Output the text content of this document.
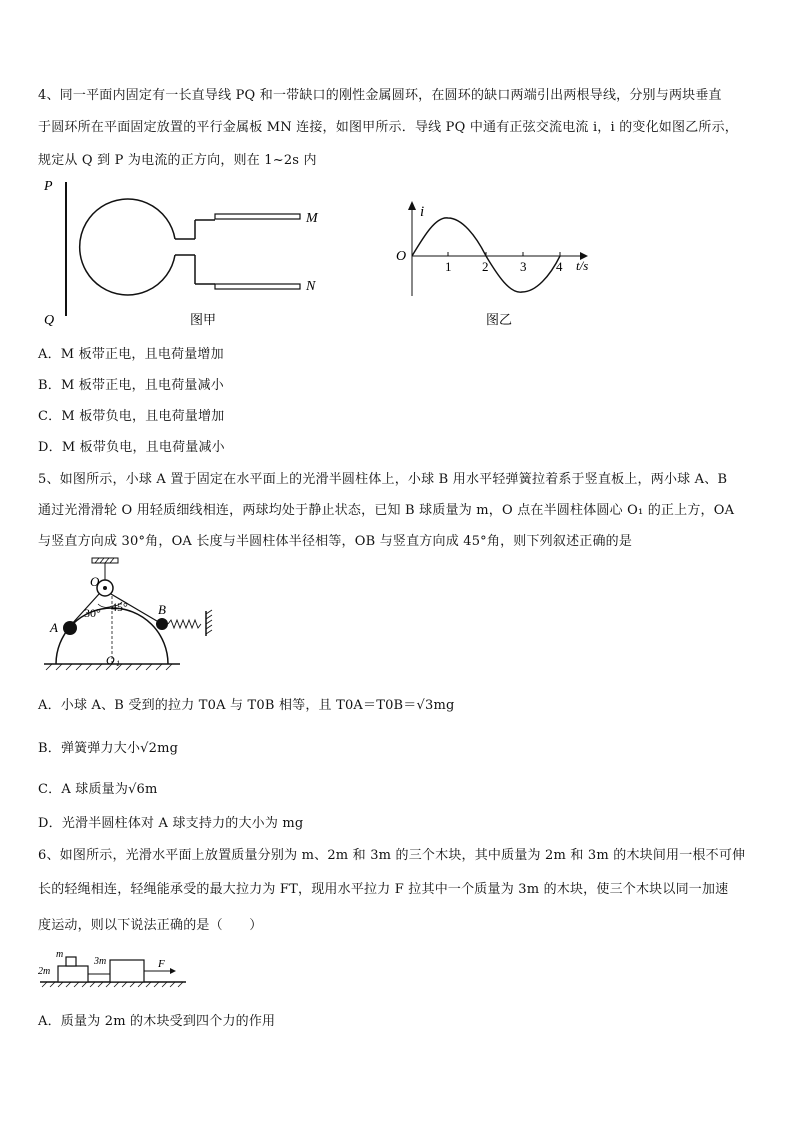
4、同一平面内固定有一长直导线 PQ 和一带缺口的刚性金属圆环，在圆环的缺口两端引出两根导线，分别与两块垂直
于圆环所在平面固定放置的平行金属板 MN 连接，如图甲所示．导线 PQ 中通有正弦交流电流 i，i 的变化如图乙所示，
规定从 Q 到 P 为电流的正方向，则在 1~2s 内
P
Q
M
N
图甲
i
O
1 2 3 4 t/s
图乙
A．M 板带正电，且电荷量增加
B．M 板带正电，且电荷量减小
C．M 板带负电，且电荷量增加
D．M 板带负电，且电荷量减小
5、如图所示，小球 A 置于固定在水平面上的光滑半圆柱体上，小球 B 用水平轻弹簧拉着系于竖直板上，两小球 A、B
通过光滑滑轮 O 用轻质细线相连，两球均处于静止状态，已知 B 球质量为 m，O 点在半圆柱体圆心 O₁ 的正上方，OA
与竖直方向成 30°角，OA 长度与半圆柱体半径相等，OB 与竖直方向成 45°角，则下列叙述正确的是
O
B
A
O 1
30° 45°
A．小球 A、B 受到的拉力 T0A 与 T0B 相等，且 T0A＝T0B＝√3mg
B．弹簧弹力大小√2mg
C．A 球质量为√6m
D．光滑半圆柱体对 A 球支持力的大小为 mg
6、如图所示，光滑水平面上放置质量分别为 m、2m 和 3m 的三个木块，其中质量为 2m 和 3m 的木块间用一根不可伸
长的轻绳相连，轻绳能承受的最大拉力为 FT，现用水平拉力 F 拉其中一个质量为 3m 的木块，使三个木块以同一加速
度运动，则以下说法正确的是（　　）
m
2m
3m	F
A．质量为 2m 的木块受到四个力的作用
